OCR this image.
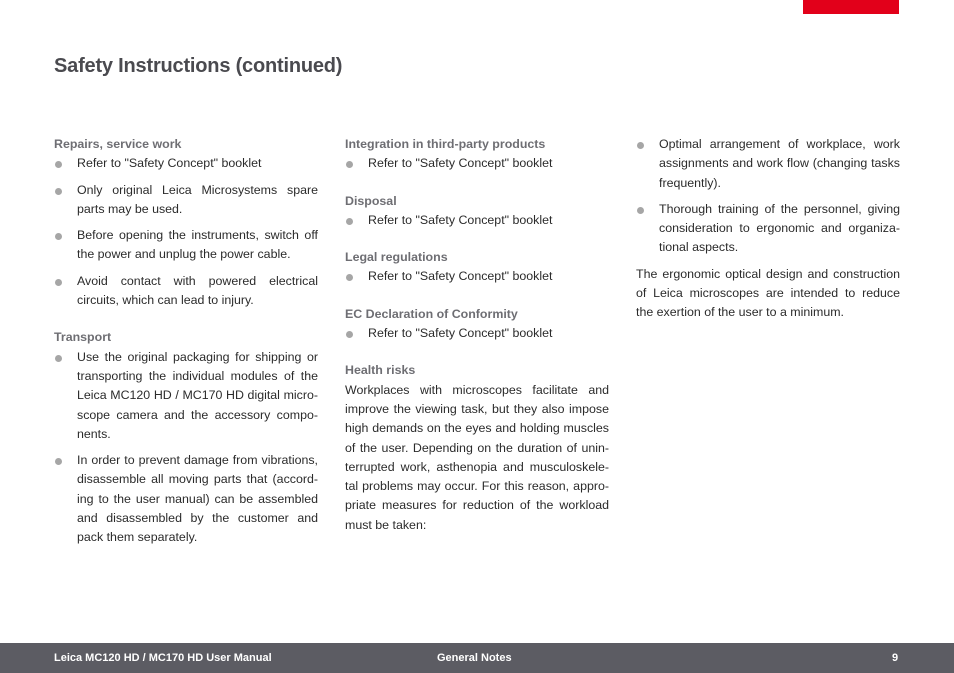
Safety Instructions (continued)
Repairs, service work
Refer to "Safety Concept" booklet
Only original Leica Microsystems spare parts may be used.
Before opening the instruments, switch off the power and unplug the power cable.
Avoid contact with powered electrical circuits, which can lead to injury.
Transport
Use the original packaging for shipping or transporting the individual modules of the Leica MC120 HD / MC170 HD digital micro-scope camera and the accessory compo-nents.
In order to prevent damage from vibrations, disassemble all moving parts that (accord-ing to the user manual) can be assembled and disassembled by the customer and pack them separately.
Integration in third-party products
Refer to "Safety Concept" booklet
Disposal
Refer to "Safety Concept" booklet
Legal regulations
Refer to "Safety Concept" booklet
EC Declaration of Conformity
Refer to "Safety Concept" booklet
Health risks

Workplaces with microscopes facilitate and improve the viewing task, but they also impose high demands on the eyes and holding muscles of the user. Depending on the duration of unin-terrupted work, asthenopia and musculoskele-tal problems may occur. For this reason, appro-priate measures for reduction of the workload must be taken:

Optimal arrangement of workplace, work assignments and work flow (changing tasks frequently).
Thorough training of the personnel, giving consideration to ergonomic and organiza-tional aspects.

The ergonomic optical design and construction of Leica microscopes are intended to reduce the exertion of the user to a minimum.

Leica MC120 HD / MC170 HD User Manual	General Notes	9
